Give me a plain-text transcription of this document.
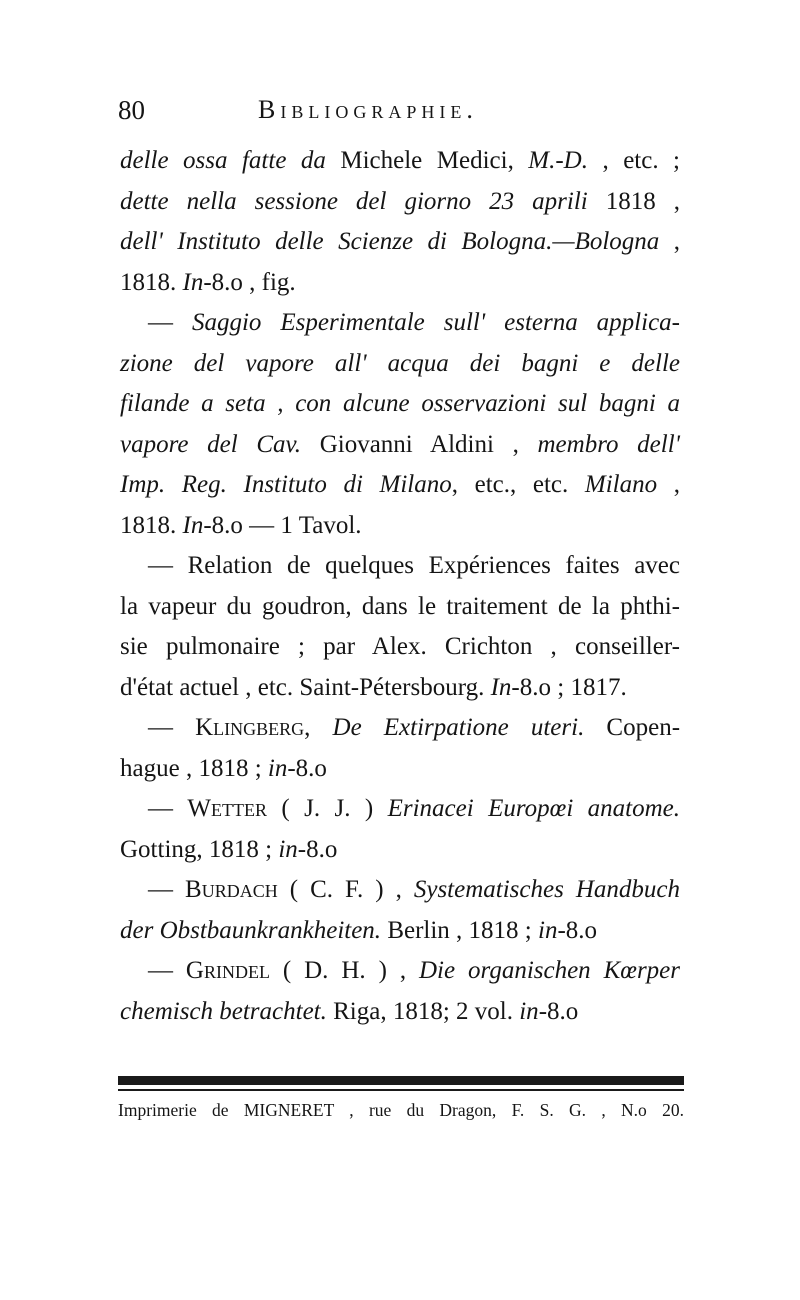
80	Bibliographie.
delle ossa fatte da Michele Medici, M.-D. , etc. ;
dette nella sessione del giorno 23 aprili 1818 ,
dell' Instituto delle Scienze di Bologna.—Bologna ,
1818. In-8.o , fig.
— Saggio Esperimentale sull' esterna applica-
zione del vapore all' acqua dei bagni e delle
filande a seta , con alcune osservazioni sul bagni a
vapore del Cav. Giovanni Aldini , membro dell'
Imp. Reg. Instituto di Milano, etc., etc. Milano ,
1818. In-8.o — 1 Tavol.
— Relation de quelques Expériences faites avec
la vapeur du goudron, dans le traitement de la phthi-
sie pulmonaire ; par Alex. Crichton , conseiller-
d'état actuel , etc. Saint-Pétersbourg. In-8.o ; 1817.
— Klingberg, De Extirpatione uteri. Copen-
hague , 1818 ; in-8.o
— Wetter ( J. J. ) Erinacei Europœi anatome.
Gotting, 1818 ; in-8.o
— Burdach ( C. F. ) , Systematisches Handbuch
der Obstbaunkrankheiten. Berlin , 1818 ; in-8.o
— Grindel ( D. H. ) , Die organischen Kœrper
chemisch betrachtet. Riga, 1818; 2 vol. in-8.o
Imprimerie de MIGNERET , rue du Dragon, F. S. G. , N.o 20.
